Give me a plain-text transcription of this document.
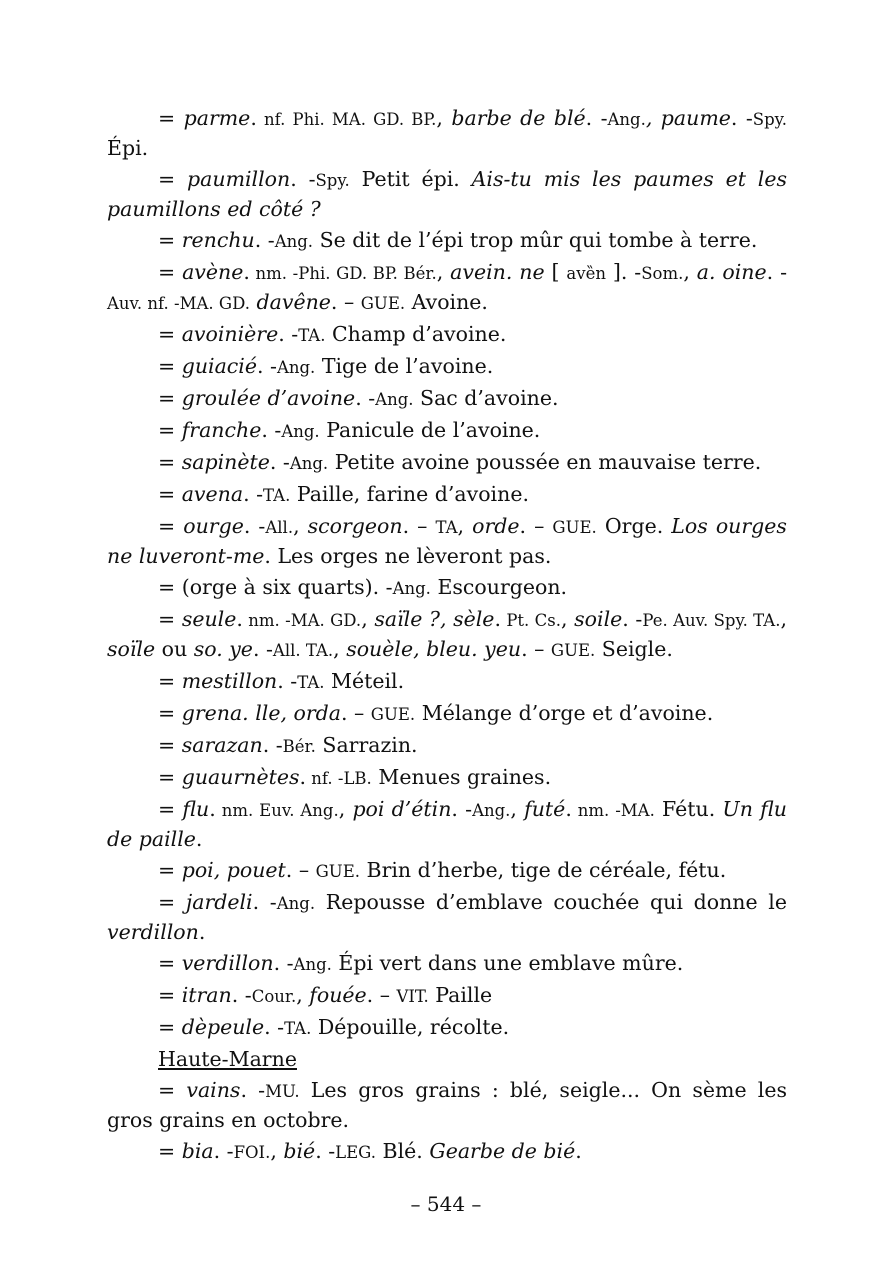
= parme. nf. Phi. MA. GD. BP., barbe de blé. -Ang., paume. -Spy. Épi.

= paumillon. -Spy. Petit épi. Ais-tu mis les paumes et les paumillons ed côté ?

= renchu. -Ang. Se dit de l’épi trop mûr qui tombe à terre.

= avène. nm. -Phi. GD. BP. Bér., avein. ne [ avȅn ]. -Som., a. oine. -Auv. nf. -MA. GD. davêne. – GUE. Avoine.

= avoinière. -TA. Champ d’avoine.

= guiacié. -Ang. Tige de l’avoine.

= groulée d’avoine. -Ang. Sac d’avoine.

= franche. -Ang. Panicule de l’avoine.

= sapinète. -Ang. Petite avoine poussée en mauvaise terre.

= avena. -TA. Paille, farine d’avoine.

= ourge. -All., scorgeon. – TA, orde. – GUE. Orge. Los ourges ne luveront-me. Les orges ne lèveront pas.

= (orge à six quarts). -Ang. Escourgeon.

= seule. nm. -MA. GD., saïle ?, sèle. Pt. Cs., soile. -Pe. Auv. Spy. TA., soïle ou so. ye. -All. TA., souèle, bleu. yeu. – GUE. Seigle.

= mestillon. -TA. Méteil.

= grena. lle, orda. – GUE. Mélange d’orge et d’avoine.

= sarazan. -Bér. Sarrazin.

= guaurnètes. nf. -LB. Menues graines.

= flu. nm. Euv. Ang., poi d’étin. -Ang., futé. nm. -MA. Fétu. Un flu de paille.

= poi, pouet. – GUE. Brin d’herbe, tige de céréale, fétu.

= jardeli. -Ang. Repousse d’emblave couchée qui donne le verdillon.

= verdillon. -Ang. Épi vert dans une emblave mûre.

= itran. -Cour., fouée. – VIT. Paille

= dèpeule. -TA. Dépouille, récolte.

Haute-Marne

= vains. -MU. Les gros grains : blé, seigle... On sème les gros grains en octobre.

= bia. -FOI., bié. -LEG. Blé. Gearbe de bié.

– 544 –
